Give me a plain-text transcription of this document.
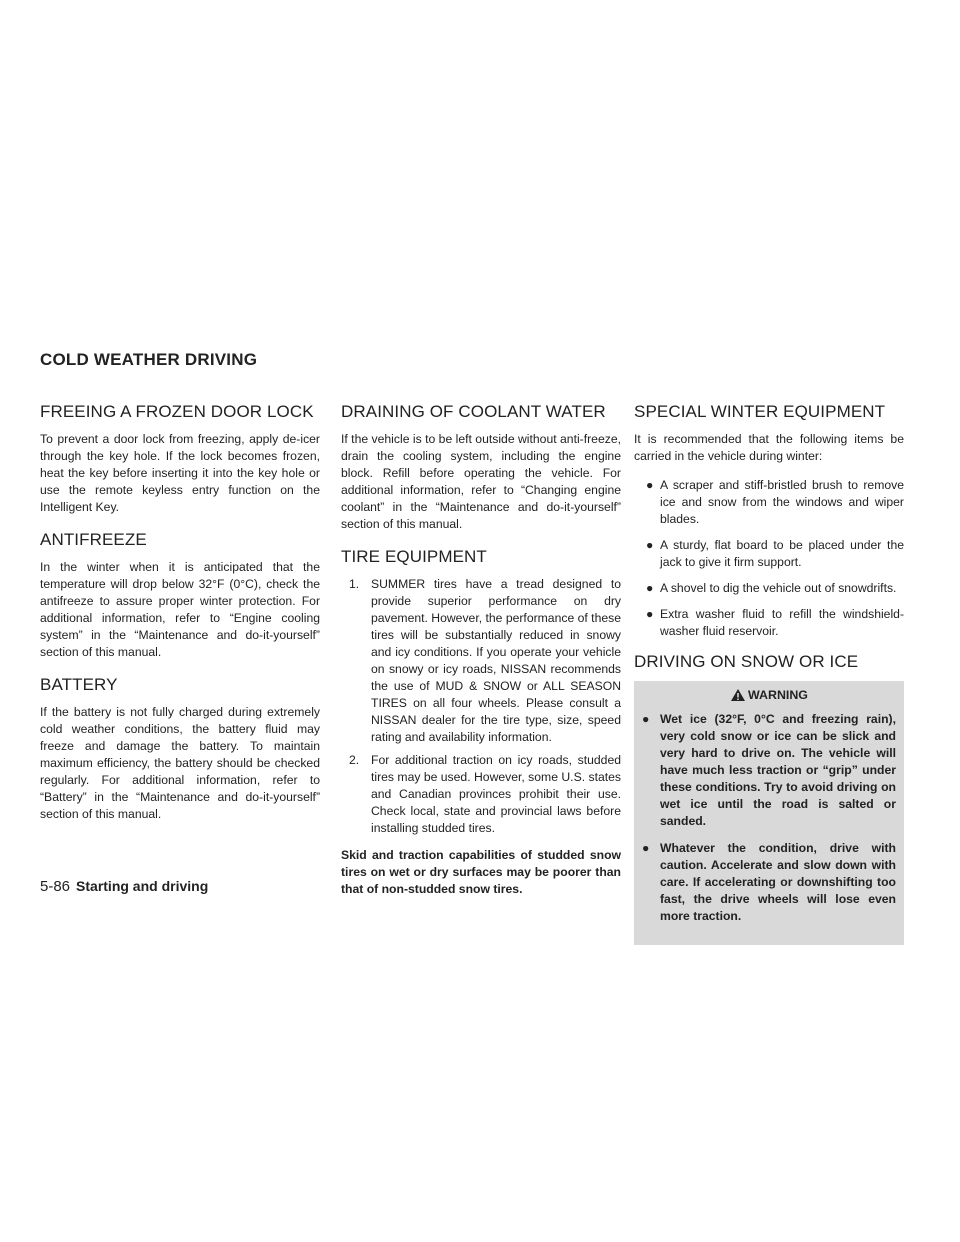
COLD WEATHER DRIVING
FREEING A FROZEN DOOR LOCK

To prevent a door lock from freezing, apply de-icer through the key hole. If the lock becomes frozen, heat the key before inserting it into the key hole or use the remote keyless entry function on the Intelligent Key.

ANTIFREEZE

In the winter when it is anticipated that the temperature will drop below 32°F (0°C), check the antifreeze to assure proper winter protection. For additional information, refer to “Engine cooling system” in the “Maintenance and do-it-yourself” section of this manual.

BATTERY

If the battery is not fully charged during extremely cold weather conditions, the battery fluid may freeze and damage the battery. To maintain maximum efficiency, the battery should be checked regularly. For additional information, refer to “Battery” in the “Maintenance and do-it-yourself” section of this manual.

DRAINING OF COOLANT WATER

If the vehicle is to be left outside without anti-freeze, drain the cooling system, including the engine block. Refill before operating the vehicle. For additional information, refer to “Changing engine coolant” in the “Maintenance and do-it-yourself” section of this manual.

TIRE EQUIPMENT
1. SUMMER tires have a tread designed to provide superior performance on dry pavement. However, the performance of these tires will be substantially reduced in snowy and icy conditions. If you operate your vehicle on snowy or icy roads, NISSAN recommends the use of MUD & SNOW or ALL SEASON TIRES on all four wheels. Please consult a NISSAN dealer for the tire type, size, speed rating and availability information.
2. For additional traction on icy roads, studded tires may be used. However, some U.S. states and Canadian provinces prohibit their use. Check local, state and provincial laws before installing studded tires.

Skid and traction capabilities of studded snow tires on wet or dry surfaces may be poorer than that of non-studded snow tires.

SPECIAL WINTER EQUIPMENT

It is recommended that the following items be carried in the vehicle during winter:

● A scraper and stiff-bristled brush to remove ice and snow from the windows and wiper blades.
● A sturdy, flat board to be placed under the jack to give it firm support.
● A shovel to dig the vehicle out of snowdrifts.
● Extra washer fluid to refill the windshield-washer fluid reservoir.
DRIVING ON SNOW OR ICE
WARNING
● Wet ice (32°F, 0°C and freezing rain), very cold snow or ice can be slick and very hard to drive on. The vehicle will have much less traction or “grip” under these conditions. Try to avoid driving on wet ice until the road is salted or sanded.
● Whatever the condition, drive with caution. Accelerate and slow down with care. If accelerating or downshifting too fast, the drive wheels will lose even more traction.
5-86 Starting and driving
